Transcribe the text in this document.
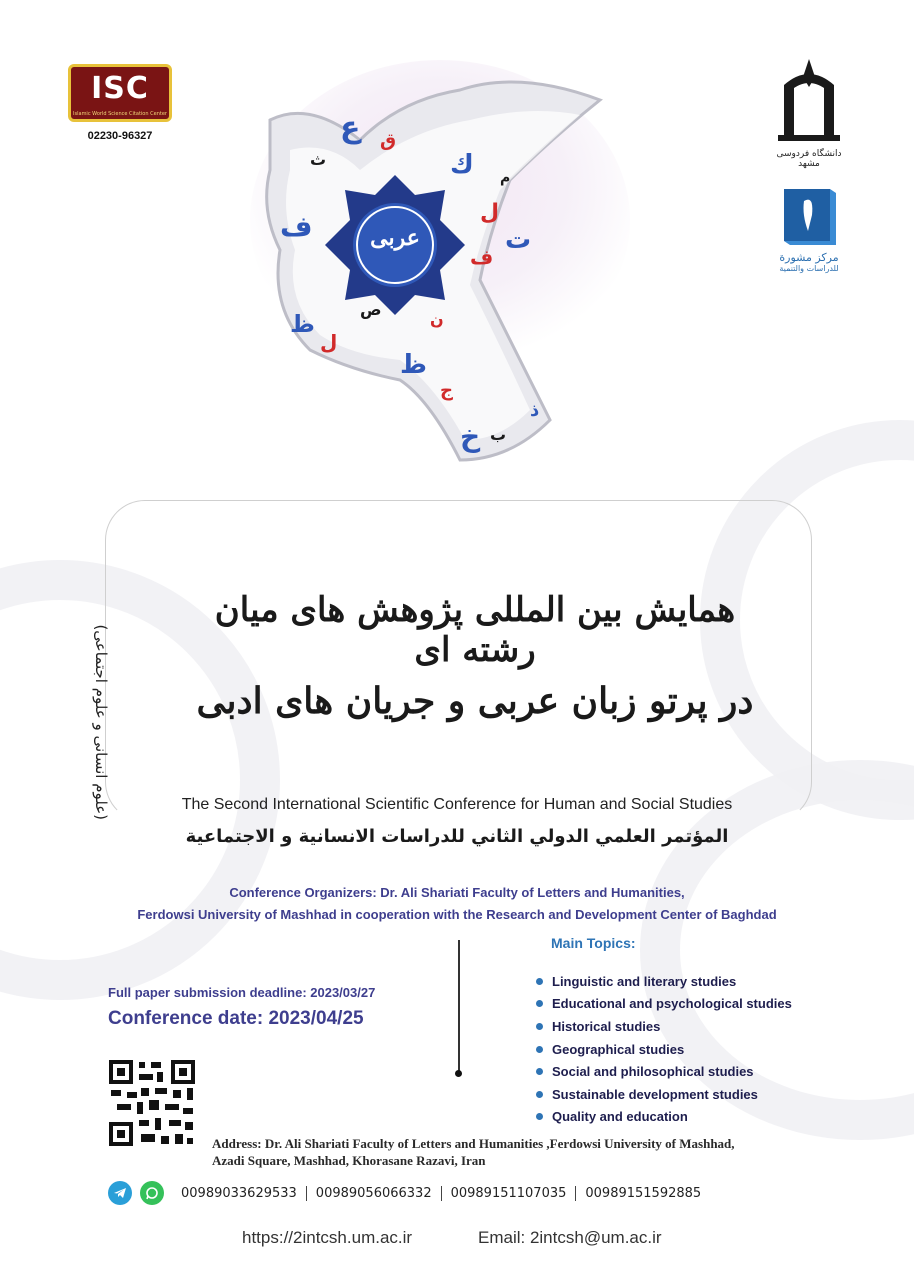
ISC
Islamic World Science Citation Center
02230-96327
دانشگاه فردوسی مشهد
مركز مشورة
للدراسات والتنمية
عربی
ع ق
ث
ف
ك
ل
م
ت
ف
ظ
ل
ظ
ج
خ ب
ذ
ص
ن
همایش بین المللی پژوهش های میان رشته ای
در پرتو زبان عربی و جریان های ادبی
(علوم انسانی و علوم اجتماعی)	The Second International Scientific Conference for Human and Social Studies
المؤتمر العلمي الدولي الثاني للدراسات الانسانية و الاجتماعية
Conference Organizers: Dr. Ali Shariati Faculty of Letters and Humanities,
Ferdowsi University of Mashhad in cooperation with the Research and Development Center of Baghdad
Full paper submission deadline: 2023/03/27
Conference date: 2023/04/25
Main Topics:
Linguistic and literary studies
Educational and psychological studies
Historical studies
Geographical studies
Social and philosophical studies
Sustainable development studies
Quality and education
Address: Dr. Ali Shariati Faculty of Letters and Humanities ,Ferdowsi University of Mashhad,
Azadi Square, Mashhad, Khorasane Razavi, Iran
00989033629533	00989056066332	00989151107035	00989151592885
https://2intcsh.um.ac.ir	Email: 2intcsh@um.ac.ir
